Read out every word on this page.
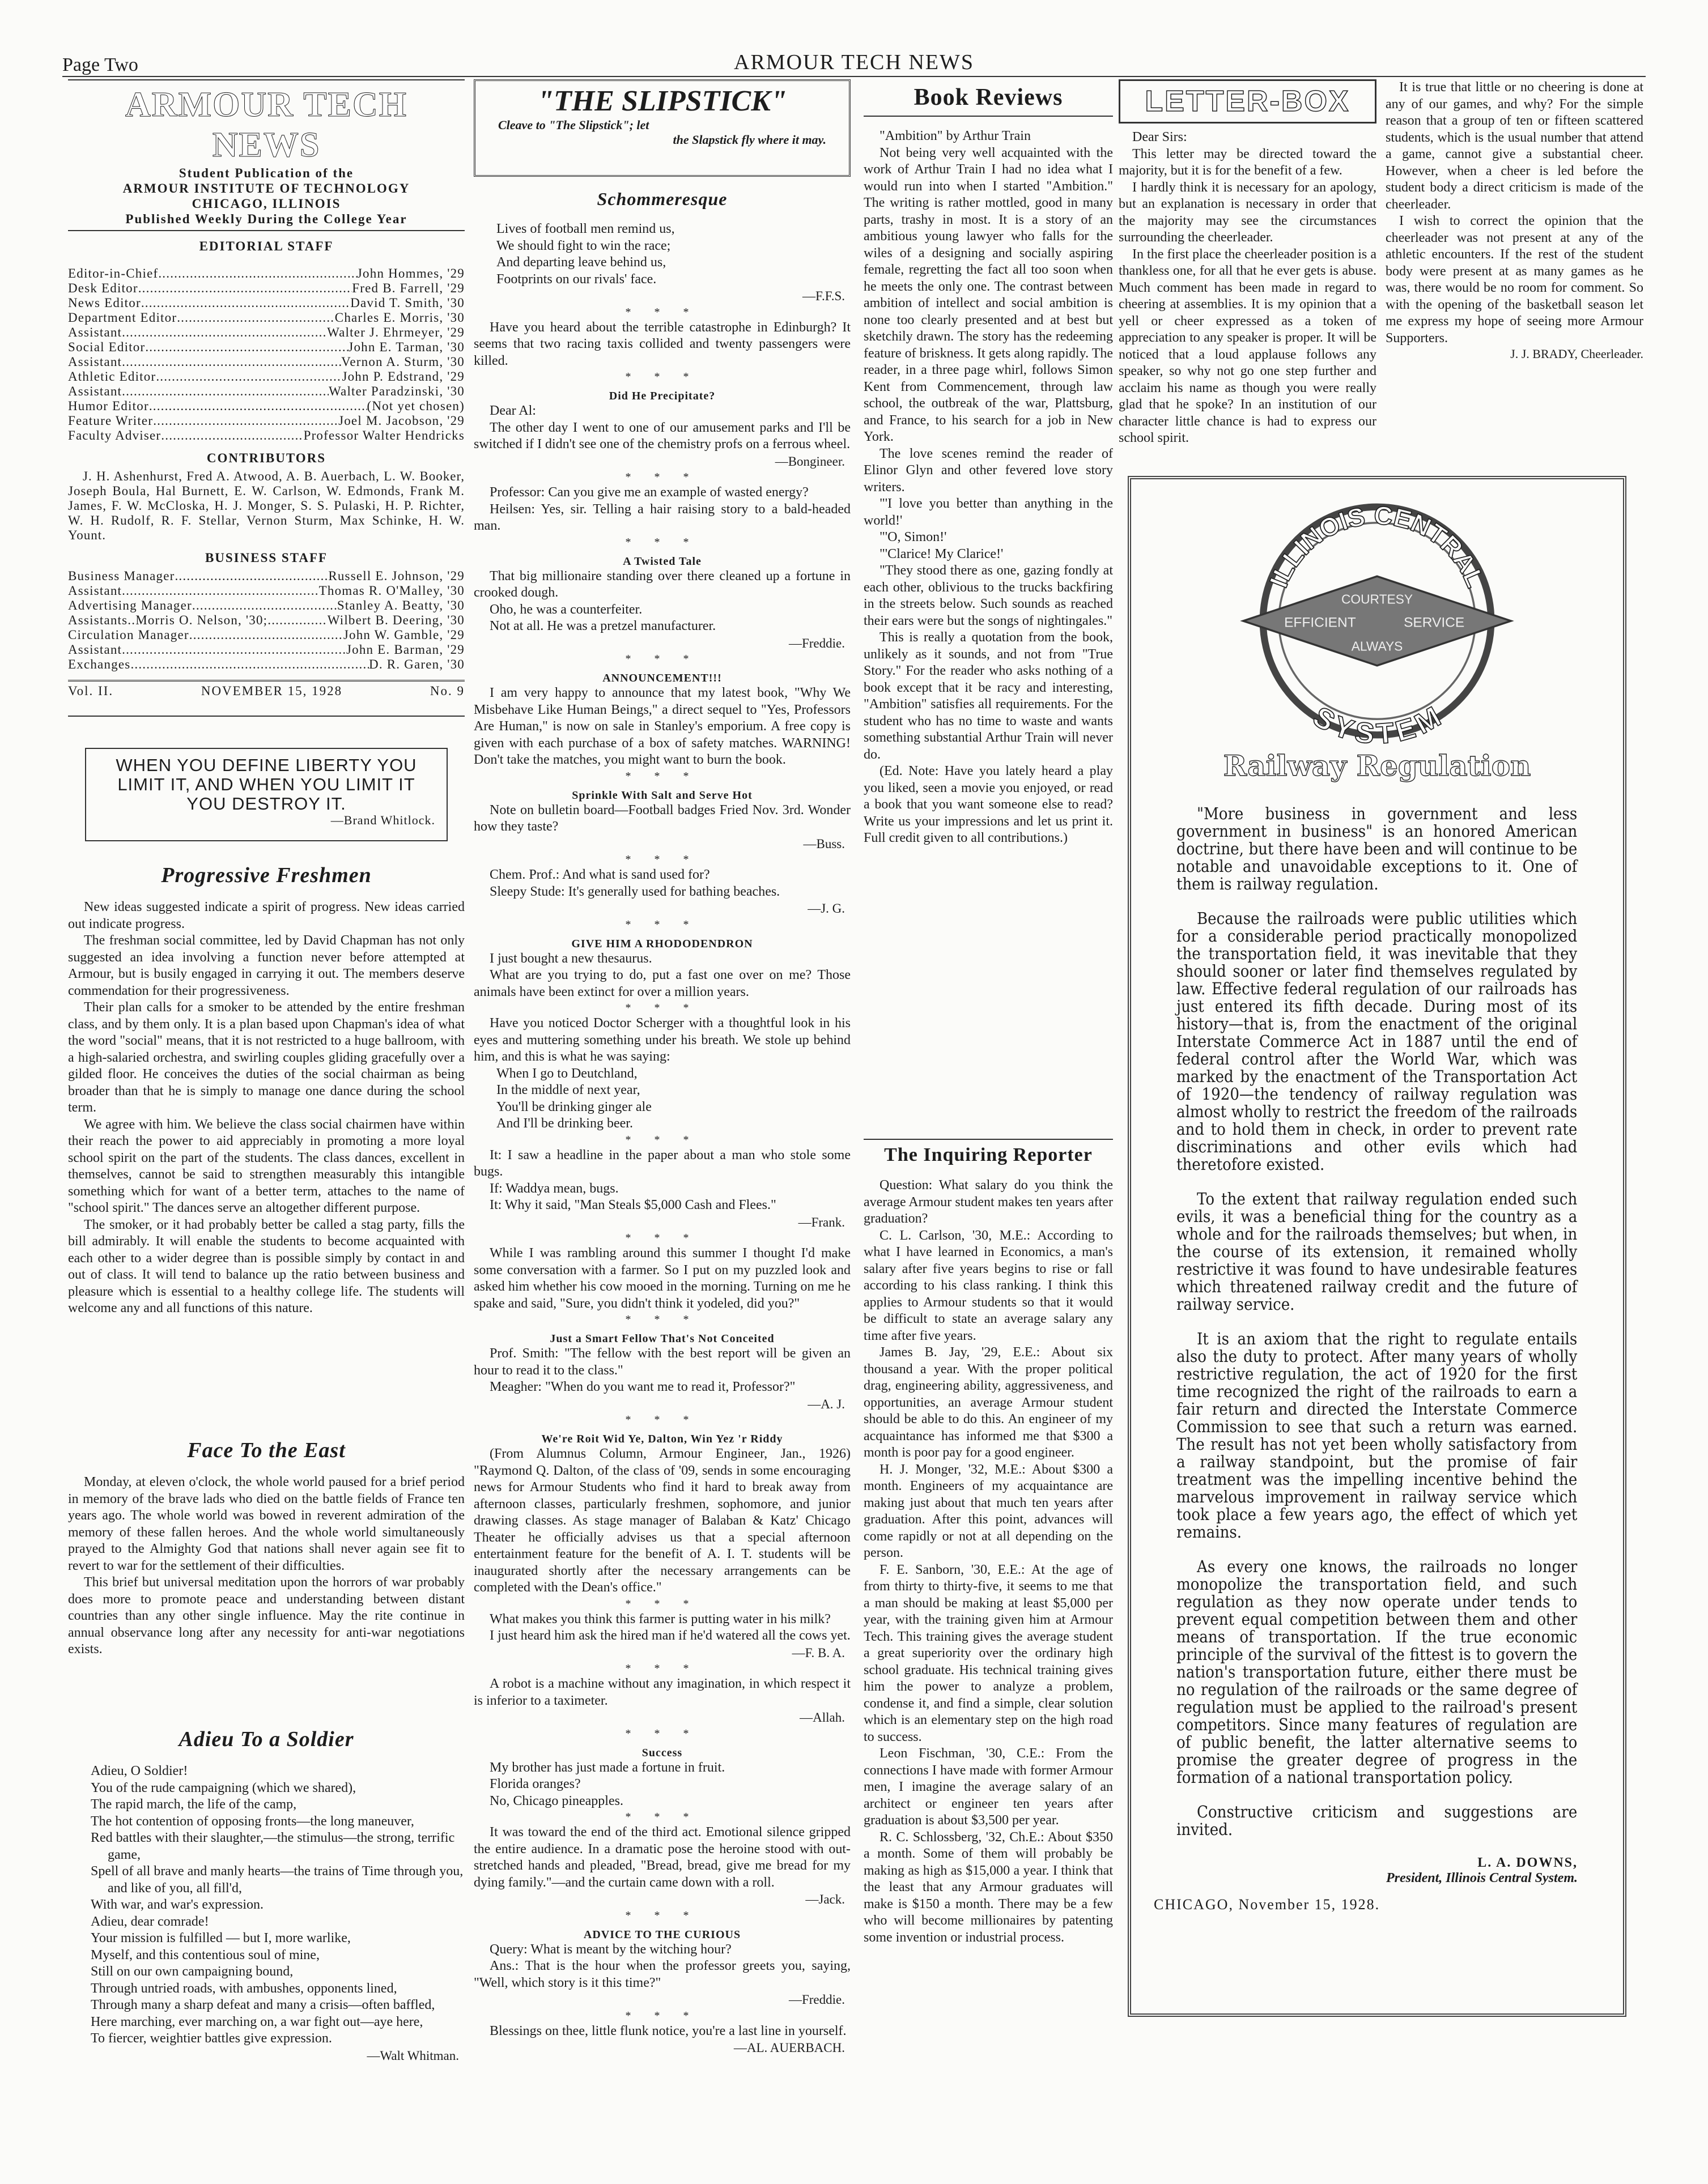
Page Two	ARMOUR TECH NEWS
ARMOUR TECH NEWS
Student Publication of the
ARMOUR INSTITUTE OF TECHNOLOGY
CHICAGO, ILLINOIS
Published Weekly During the College Year
EDITORIAL STAFF
Editor-in-Chief .....	John Hommes, '29
Desk Editor .....	Fred B. Farrell, '29
News Editor .....	David T. Smith, '30
Department Editor .....	Charles E. Morris, '30
Assistant .....	Walter J. Ehrmeyer, '29
Social Editor .....	John E. Tarman, '30
Assistant .....	Vernon A. Sturm, '30
Athletic Editor .....	John P. Edstrand, '29
Assistant .....	Walter Paradzinski, '30
Humor Editor .....	(Not yet chosen)
Feature Writer .....	Joel M. Jacobson, '29
Faculty Adviser .....	Professor Walter Hendricks
CONTRIBUTORS
J. H. Ashenhurst, Fred A. Atwood, A. B. Auerbach, L. W. Booker, Joseph Boula, Hal Burnett, E. W. Carlson, W. Edmonds, Frank M. James, F. W. McCloska, H. J. Monger, S. S. Pulaski, H. P. Richter, W. H. Rudolf, R. F. Stellar, Vernon Sturm, Max Schinke, H. W. Yount.
BUSINESS STAFF
Business Manager .....	Russell E. Johnson, '29
Assistant .....	Thomas R. O'Malley, '30
Advertising Manager .....	Stanley A. Beatty, '30
Assistants..Morris O. Nelson, '30; .....	Wilbert B. Deering, '30
Circulation Manager .....	John W. Gamble, '29
Assistant .....	John E. Barman, '29
Exchanges .....	D. R. Garen, '30
Vol. II.	NOVEMBER 15, 1928	No. 9
WHEN YOU DEFINE LIBERTY YOU LIMIT IT, AND WHEN YOU LIMIT IT YOU DESTROY IT.
—Brand Whitlock.
Progressive Freshmen

New ideas suggested indicate a spirit of progress. New ideas carried out indicate progress.

The freshman social committee, led by David Chapman has not only suggested an idea involving a function never before attempted at Armour, but is busily engaged in carrying it out. The members deserve commendation for their progressiveness.

Their plan calls for a smoker to be attended by the entire freshman class, and by them only. It is a plan based upon Chapman's idea of what the word "social" means, that it is not restricted to a huge ballroom, with a high-salaried orchestra, and swirling couples gliding gracefully over a gilded floor. He conceives the duties of the social chairman as being broader than that he is simply to manage one dance during the school term.

We agree with him. We believe the class social chairmen have within their reach the power to aid appreciably in promoting a more loyal school spirit on the part of the students. The class dances, excellent in themselves, cannot be said to strengthen measurably this intangible something which for want of a better term, attaches to the name of "school spirit." The dances serve an altogether different purpose.

The smoker, or it had probably better be called a stag party, fills the bill admirably. It will enable the students to become acquainted with each other to a wider degree than is possible simply by contact in and out of class. It will tend to balance up the ratio between business and pleasure which is essential to a healthy college life. The students will welcome any and all functions of this nature.

Face To the East

Monday, at eleven o'clock, the whole world paused for a brief period in memory of the brave lads who died on the battle fields of France ten years ago. The whole world was bowed in reverent admiration of the memory of these fallen heroes. And the whole world simultaneously prayed to the Almighty God that nations shall never again see fit to revert to war for the settlement of their difficulties.

This brief but universal meditation upon the horrors of war probably does more to promote peace and understanding between distant countries than any other single influence. May the rite continue in annual observance long after any necessity for anti-war negotiations exists.

Adieu To a Soldier
Adieu, O Soldier!
You of the rude campaigning (which we shared),
The rapid march, the life of the camp,
The hot contention of opposing fronts—the long maneuver,
Red battles with their slaughter,—the stimulus—the strong, terrific game,
Spell of all brave and manly hearts—the trains of Time through you, and like of you, all fill'd,
With war, and war's expression.
Adieu, dear comrade!
Your mission is fulfilled — but I, more warlike,
Myself, and this contentious soul of mine,
Still on our own campaigning bound,
Through untried roads, with ambushes, opponents lined,
Through many a sharp defeat and many a crisis—often baffled,
Here marching, ever marching on, a war fight out—aye here,
To fiercer, weightier battles give expression.
—Walt Whitman.
"THE SLIPSTICK"
Cleave to "The Slipstick"; let
the Slapstick fly where it may.
Schommeresque
Lives of football men remind us,
We should fight to win the race;
And departing leave behind us,
Footprints on our rivals' face.
—F.F.S.
* * *

Have you heard about the terrible catastrophe in Edinburgh? It seems that two racing taxis collided and twenty passengers were killed.

* * *
Did He Precipitate?

Dear Al:

The other day I went to one of our amusement parks and I'll be switched if I didn't see one of the chemistry profs on a ferrous wheel.

—Bongineer.
* * *

Professor: Can you give me an example of wasted energy?

Heilsen: Yes, sir. Telling a hair raising story to a bald-headed man.

* * *
A Twisted Tale

That big millionaire standing over there cleaned up a fortune in crooked dough.

Oho, he was a counterfeiter.

Not at all. He was a pretzel manufacturer.

—Freddie.
* * *
ANNOUNCEMENT!!!

I am very happy to announce that my latest book, "Why We Misbehave Like Human Beings," a direct sequel to "Yes, Professors Are Human," is now on sale in Stanley's emporium. A free copy is given with each purchase of a box of safety matches. WARNING! Don't take the matches, you might want to burn the book.

* * *
Sprinkle With Salt and Serve Hot

Note on bulletin board—Football badges Fried Nov. 3rd. Wonder how they taste?

—Buss.
* * *

Chem. Prof.: And what is sand used for?

Sleepy Stude: It's generally used for bathing beaches.

—J. G.
* * *
GIVE HIM A RHODODENDRON

I just bought a new thesaurus.

What are you trying to do, put a fast one over on me? Those animals have been extinct for over a million years.

* * *

Have you noticed Doctor Scherger with a thoughtful look in his eyes and muttering something under his breath. We stole up behind him, and this is what he was saying:

When I go to Deutchland,
In the middle of next year,
You'll be drinking ginger ale
And I'll be drinking beer.
* * *

It: I saw a headline in the paper about a man who stole some bugs.

If: Waddya mean, bugs.

It: Why it said, "Man Steals $5,000 Cash and Flees."

—Frank.
* * *

While I was rambling around this summer I thought I'd make some conversation with a farmer. So I put on my puzzled look and asked him whether his cow mooed in the morning. Turning on me he spake and said, "Sure, you didn't think it yodeled, did you?"

* * *
Just a Smart Fellow That's Not Conceited

Prof. Smith: "The fellow with the best report will be given an hour to read it to the class."

Meagher: "When do you want me to read it, Professor?"

—A. J.
* * *
We're Roit Wid Ye, Dalton, Win Yez 'r Riddy

(From Alumnus Column, Armour Engineer, Jan., 1926) "Raymond Q. Dalton, of the class of '09, sends in some encouraging news for Armour Students who find it hard to break away from afternoon classes, particularly freshmen, sophomore, and junior drawing classes. As stage manager of Balaban & Katz' Chicago Theater he officially advises us that a special afternoon entertainment feature for the benefit of A. I. T. students will be inaugurated shortly after the necessary arrangements can be completed with the Dean's office."

* * *

What makes you think this farmer is putting water in his milk?

I just heard him ask the hired man if he'd watered all the cows yet.

—F. B. A.
* * *

A robot is a machine without any imagination, in which respect it is inferior to a taximeter.

—Allah.
* * *
Success

My brother has just made a fortune in fruit.

Florida oranges?

No, Chicago pineapples.

* * *

It was toward the end of the third act. Emotional silence gripped the entire audience. In a dramatic pose the heroine stood with out-stretched hands and pleaded, "Bread, bread, give me bread for my dying family."—and the curtain came down with a roll.

—Jack.
* * *
ADVICE TO THE CURIOUS

Query: What is meant by the witching hour?

Ans.: That is the hour when the professor greets you, saying, "Well, which story is it this time?"

—Freddie.
* * *

Blessings on thee, little flunk notice, you're a last line in yourself.

—AL. AUERBACH.
Book Reviews

"Ambition" by Arthur Train

Not being very well acquainted with the work of Arthur Train I had no idea what I would run into when I started "Ambition." The writing is rather mottled, good in many parts, trashy in most. It is a story of an ambitious young lawyer who falls for the wiles of a designing and socially aspiring female, regretting the fact all too soon when he meets the only one. The contrast between ambition of intellect and social ambition is none too clearly presented and at best but sketchily drawn. The story has the redeeming feature of briskness. It gets along rapidly. The reader, in a three page whirl, follows Simon Kent from Commencement, through law school, the outbreak of the war, Plattsburg, and France, to his search for a job in New York.

The love scenes remind the reader of Elinor Glyn and other fevered love story writers.

"'I love you better than anything in the world!'

"'O, Simon!'

"'Clarice! My Clarice!'

"They stood there as one, gazing fondly at each other, oblivious to the trucks backfiring in the streets below. Such sounds as reached their ears were but the songs of nightingales."

This is really a quotation from the book, unlikely as it sounds, and not from "True Story." For the reader who asks nothing of a book except that it be racy and interesting, "Ambition" satisfies all requirements. For the student who has no time to waste and wants something substantial Arthur Train will never do.

(Ed. Note: Have you lately heard a play you liked, seen a movie you enjoyed, or read a book that you want someone else to read? Write us your impressions and let us print it. Full credit given to all contributions.)

The Inquiring Reporter

Question: What salary do you think the average Armour student makes ten years after graduation?

C. L. Carlson, '30, M.E.: According to what I have learned in Economics, a man's salary after five years begins to rise or fall according to his class ranking. I think this applies to Armour students so that it would be difficult to state an average salary any time after five years.

James B. Jay, '29, E.E.: About six thousand a year. With the proper political drag, engineering ability, aggressiveness, and opportunities, an average Armour student should be able to do this. An engineer of my acquaintance has informed me that $300 a month is poor pay for a good engineer.

H. J. Monger, '32, M.E.: About $300 a month. Engineers of my acquaintance are making just about that much ten years after graduation. After this point, advances will come rapidly or not at all depending on the person.

F. E. Sanborn, '30, E.E.: At the age of from thirty to thirty-five, it seems to me that a man should be making at least $5,000 per year, with the training given him at Armour Tech. This training gives the average student a great superiority over the ordinary high school graduate. His technical training gives him the power to analyze a problem, condense it, and find a simple, clear solution which is an elementary step on the high road to success.

Leon Fischman, '30, C.E.: From the connections I have made with former Armour men, I imagine the average salary of an architect or engineer ten years after graduation is about $3,500 per year.

R. C. Schlossberg, '32, Ch.E.: About $350 a month. Some of them will probably be making as high as $15,000 a year. I think that the least that any Armour graduates will make is $150 a month. There may be a few who will become millionaires by patenting some invention or industrial process.

LETTER-BOX

Dear Sirs:

This letter may be directed toward the majority, but it is for the benefit of a few.

I hardly think it is necessary for an apology, but an explanation is necessary in order that the majority may see the circumstances surrounding the cheerleader.

In the first place the cheerleader position is a thankless one, for all that he ever gets is abuse. Much comment has been made in regard to cheering at assemblies. It is my opinion that a yell or cheer expressed as a token of appreciation to any speaker is proper. It will be noticed that a loud applause follows any speaker, so why not go one step further and acclaim his name as though you were really glad that he spoke? In an institution of our character little chance is had to express our school spirit.

It is true that little or no cheering is done at any of our games, and why? For the simple reason that a group of ten or fifteen scattered students, which is the usual number that attend a game, cannot give a substantial cheer. However, when a cheer is led before the student body a direct criticism is made of the cheerleader.

I wish to correct the opinion that the cheerleader was not present at any of the athletic encounters. If the rest of the student body were present at as many games as he was, there would be no room for comment. So with the opening of the basketball season let me express my hope of seeing more Armour Supporters.

J. J. BRADY, Cheerleader.
ILLINOIS CENTRAL
SYSTEM
COURTESY
EFFICIENT	SERVICE
ALWAYS
Railway Regulation

"More business in government and less government in business" is an honored American doctrine, but there have been and will continue to be notable and unavoidable exceptions to it. One of them is railway regulation.

Because the railroads were public utilities which for a considerable period practically monopolized the transportation field, it was inevitable that they should sooner or later find themselves regulated by law. Effective federal regulation of our railroads has just entered its fifth decade. During most of its history—that is, from the enactment of the original Interstate Commerce Act in 1887 until the end of federal control after the World War, which was marked by the enactment of the Transportation Act of 1920—the tendency of railway regulation was almost wholly to restrict the freedom of the railroads and to hold them in check, in order to prevent rate discriminations and other evils which had theretofore existed.

To the extent that railway regulation ended such evils, it was a beneficial thing for the country as a whole and for the railroads themselves; but when, in the course of its extension, it remained wholly restrictive it was found to have undesirable features which threatened railway credit and the future of railway service.

It is an axiom that the right to regulate entails also the duty to protect. After many years of wholly restrictive regulation, the act of 1920 for the first time recognized the right of the railroads to earn a fair return and directed the Interstate Commerce Commission to see that such a return was earned. The result has not yet been wholly satisfactory from a railway standpoint, but the promise of fair treatment was the impelling incentive behind the marvelous improvement in railway service which took place a few years ago, the effect of which yet remains.

As every one knows, the railroads no longer monopolize the transportation field, and such regulation as they now operate under tends to prevent equal competition between them and other means of transportation. If the true economic principle of the survival of the fittest is to govern the nation's transportation future, either there must be no regulation of the railroads or the same degree of regulation must be applied to the railroad's present competitors. Since many features of regulation are of public benefit, the latter alternative seems to promise the greater degree of progress in the formation of a national transportation policy.

Constructive criticism and suggestions are invited.

L. A. DOWNS,
President, Illinois Central System.
CHICAGO, November 15, 1928.
